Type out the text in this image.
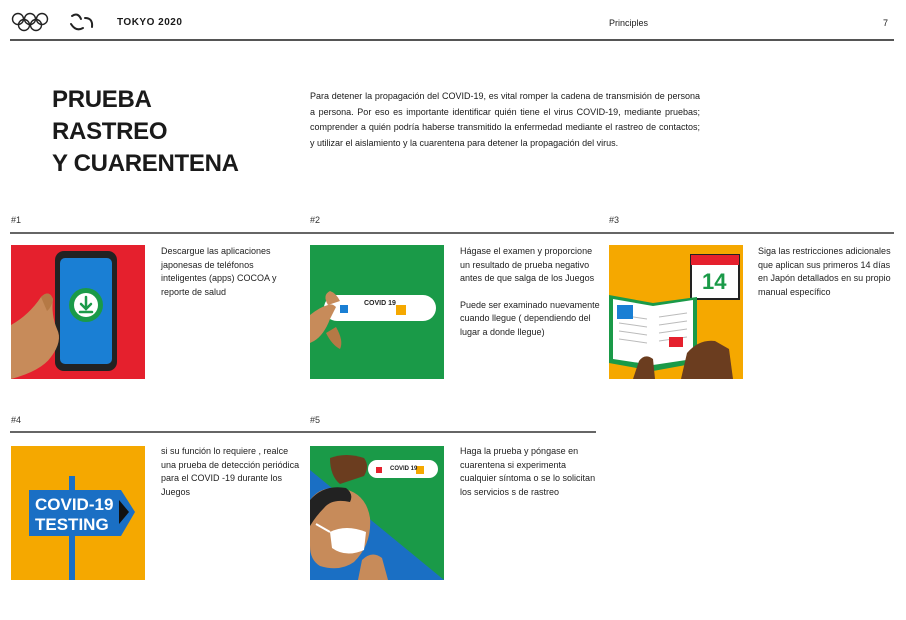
TOKYO 2020	Principles	7
PRUEBA
RASTREO
Y CUARENTENA
Para detener la propagación del COVID-19, es vital romper la cadena de transmisión de persona a persona. Por eso es importante identificar quién tiene el virus COVID-19, mediante pruebas; comprender a quién podría haberse transmitido la enfermedad mediante el rastreo de contactos; y utilizar el aislamiento y la cuarentena para detener la propagación del virus.
#1	#2	#3
#4	#5

Descargue las aplicaciones japonesas de teléfonos inteligentes (apps) COCOA y reporte de salud

COVID 19

Hágase el examen y proporcione un resultado de prueba negativo antes de que salga de los Juegos

Puede ser examinado nuevamente cuando llegue ( dependiendo del lugar a donde llegue)

14

Siga las restricciones adicionales que aplican sus primeros 14 días en Japón detallados en su propio manual específico

COVID-19
TESTING

si su función lo requiere , realce una prueba de detección periódica para el COVID -19 durante los Juegos

COVID 19

Haga la prueba y póngase en cuarentena si experimenta cualquier síntoma o se lo solicitan los servicios s de rastreo
